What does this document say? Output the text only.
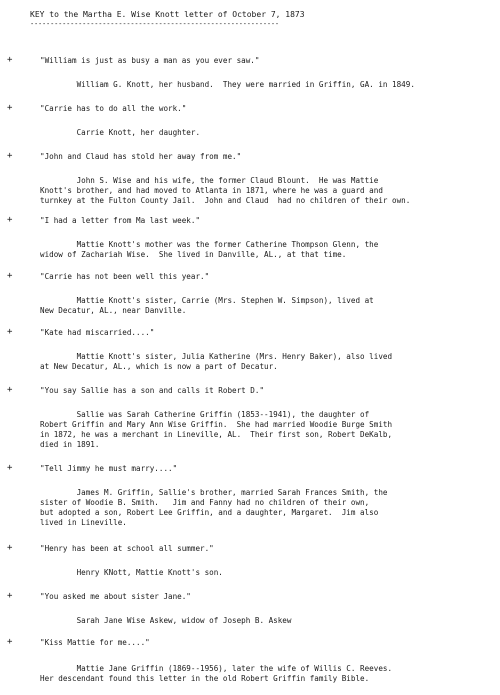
KEY to the Martha E. Wise Knott letter of October 7, 1873
--------------------------------------------------------------
+	"William is just as busy a man as you ever saw."
William G. Knott, her husband.  They were married in Griffin, GA. in 1849.
+	"Carrie has to do all the work."
Carrie Knott, her daughter.
+	"John and Claud has stold her away from me."
John S. Wise and his wife, the former Claud Blount.  He was Mattie
Knott's brother, and had moved to Atlanta in 1871, where he was a guard and
turnkey at the Fulton County Jail.  John and Claud  had no children of their own.
+	"I had a letter from Ma last week."
Mattie Knott's mother was the former Catherine Thompson Glenn, the
widow of Zachariah Wise.  She lived in Danville, AL., at that time.
+	"Carrie has not been well this year."
Mattie Knott's sister, Carrie (Mrs. Stephen W. Simpson), lived at
New Decatur, AL., near Danville.
+	"Kate had miscarried...."
Mattie Knott's sister, Julia Katherine (Mrs. Henry Baker), also lived
at New Decatur, AL., which is now a part of Decatur.
+	"You say Sallie has a son and calls it Robert D."
Sallie was Sarah Catherine Griffin (1853--1941), the daughter of
Robert Griffin and Mary Ann Wise Griffin.  She had married Woodie Burge Smith
in 1872, he was a merchant in Lineville, AL.  Their first son, Robert DeKalb,
died in 1891.
+	"Tell Jimmy he must marry...."
James M. Griffin, Sallie's brother, married Sarah Frances Smith, the
sister of Woodie B. Smith.   Jim and Fanny had no children of their own,
but adopted a son, Robert Lee Griffin, and a daughter, Margaret.  Jim also
lived in Lineville.
+	"Henry has been at school all summer."
Henry KNott, Mattie Knott's son.
+	"You asked me about sister Jane."
Sarah Jane Wise Askew, widow of Joseph B. Askew
+	"Kiss Mattie for me...."
Mattie Jane Griffin (1869--1956), later the wife of Willis C. Reeves.
Her descendant found this letter in the old Robert Griffin family Bible.
